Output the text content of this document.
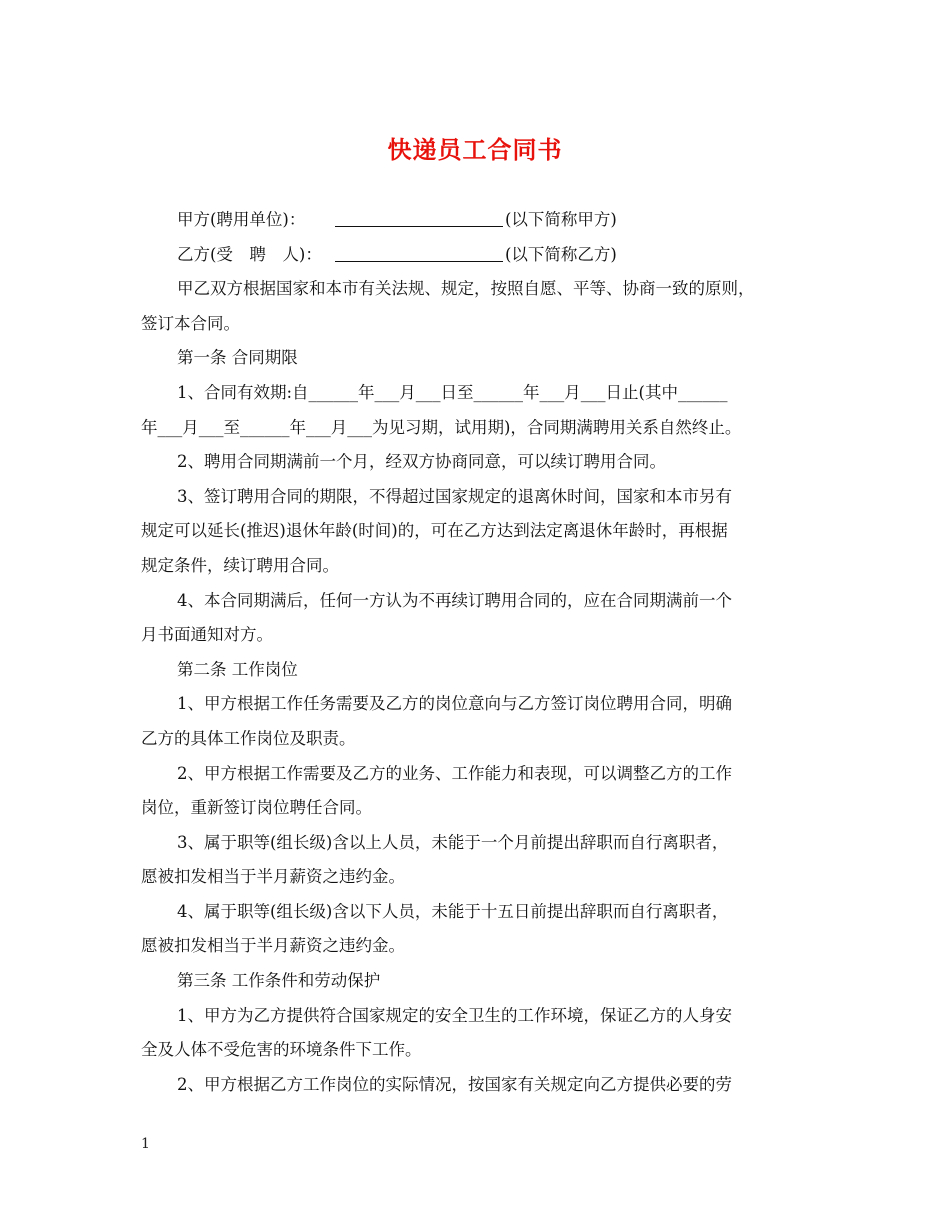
快递员工合同书
甲方(聘用单位)：	(以下简称甲方)
乙方(受　聘　人)：	(以下简称乙方)
甲乙双方根据国家和本市有关法规、规定，按照自愿、平等、协商一致的原则，
签订本合同。
第一条 合同期限
1、合同有效期:自______年___月___日至______年___月___日止(其中______
年___月___至______年___月___为见习期，试用期)，合同期满聘用关系自然终止。
2、聘用合同期满前一个月，经双方协商同意，可以续订聘用合同。
3、签订聘用合同的期限，不得超过国家规定的退离休时间，国家和本市另有
规定可以延长(推迟)退休年龄(时间)的，可在乙方达到法定离退休年龄时，再根据
规定条件，续订聘用合同。
4、本合同期满后，任何一方认为不再续订聘用合同的，应在合同期满前一个
月书面通知对方。
第二条 工作岗位
1、甲方根据工作任务需要及乙方的岗位意向与乙方签订岗位聘用合同，明确
乙方的具体工作岗位及职责。
2、甲方根据工作需要及乙方的业务、工作能力和表现，可以调整乙方的工作
岗位，重新签订岗位聘任合同。
3、属于职等(组长级)含以上人员，未能于一个月前提出辞职而自行离职者，
愿被扣发相当于半月薪资之违约金。
4、属于职等(组长级)含以下人员，未能于十五日前提出辞职而自行离职者，
愿被扣发相当于半月薪资之违约金。
第三条 工作条件和劳动保护
1、甲方为乙方提供符合国家规定的安全卫生的工作环境，保证乙方的人身安
全及人体不受危害的环境条件下工作。
2、甲方根据乙方工作岗位的实际情况，按国家有关规定向乙方提供必要的劳
1
